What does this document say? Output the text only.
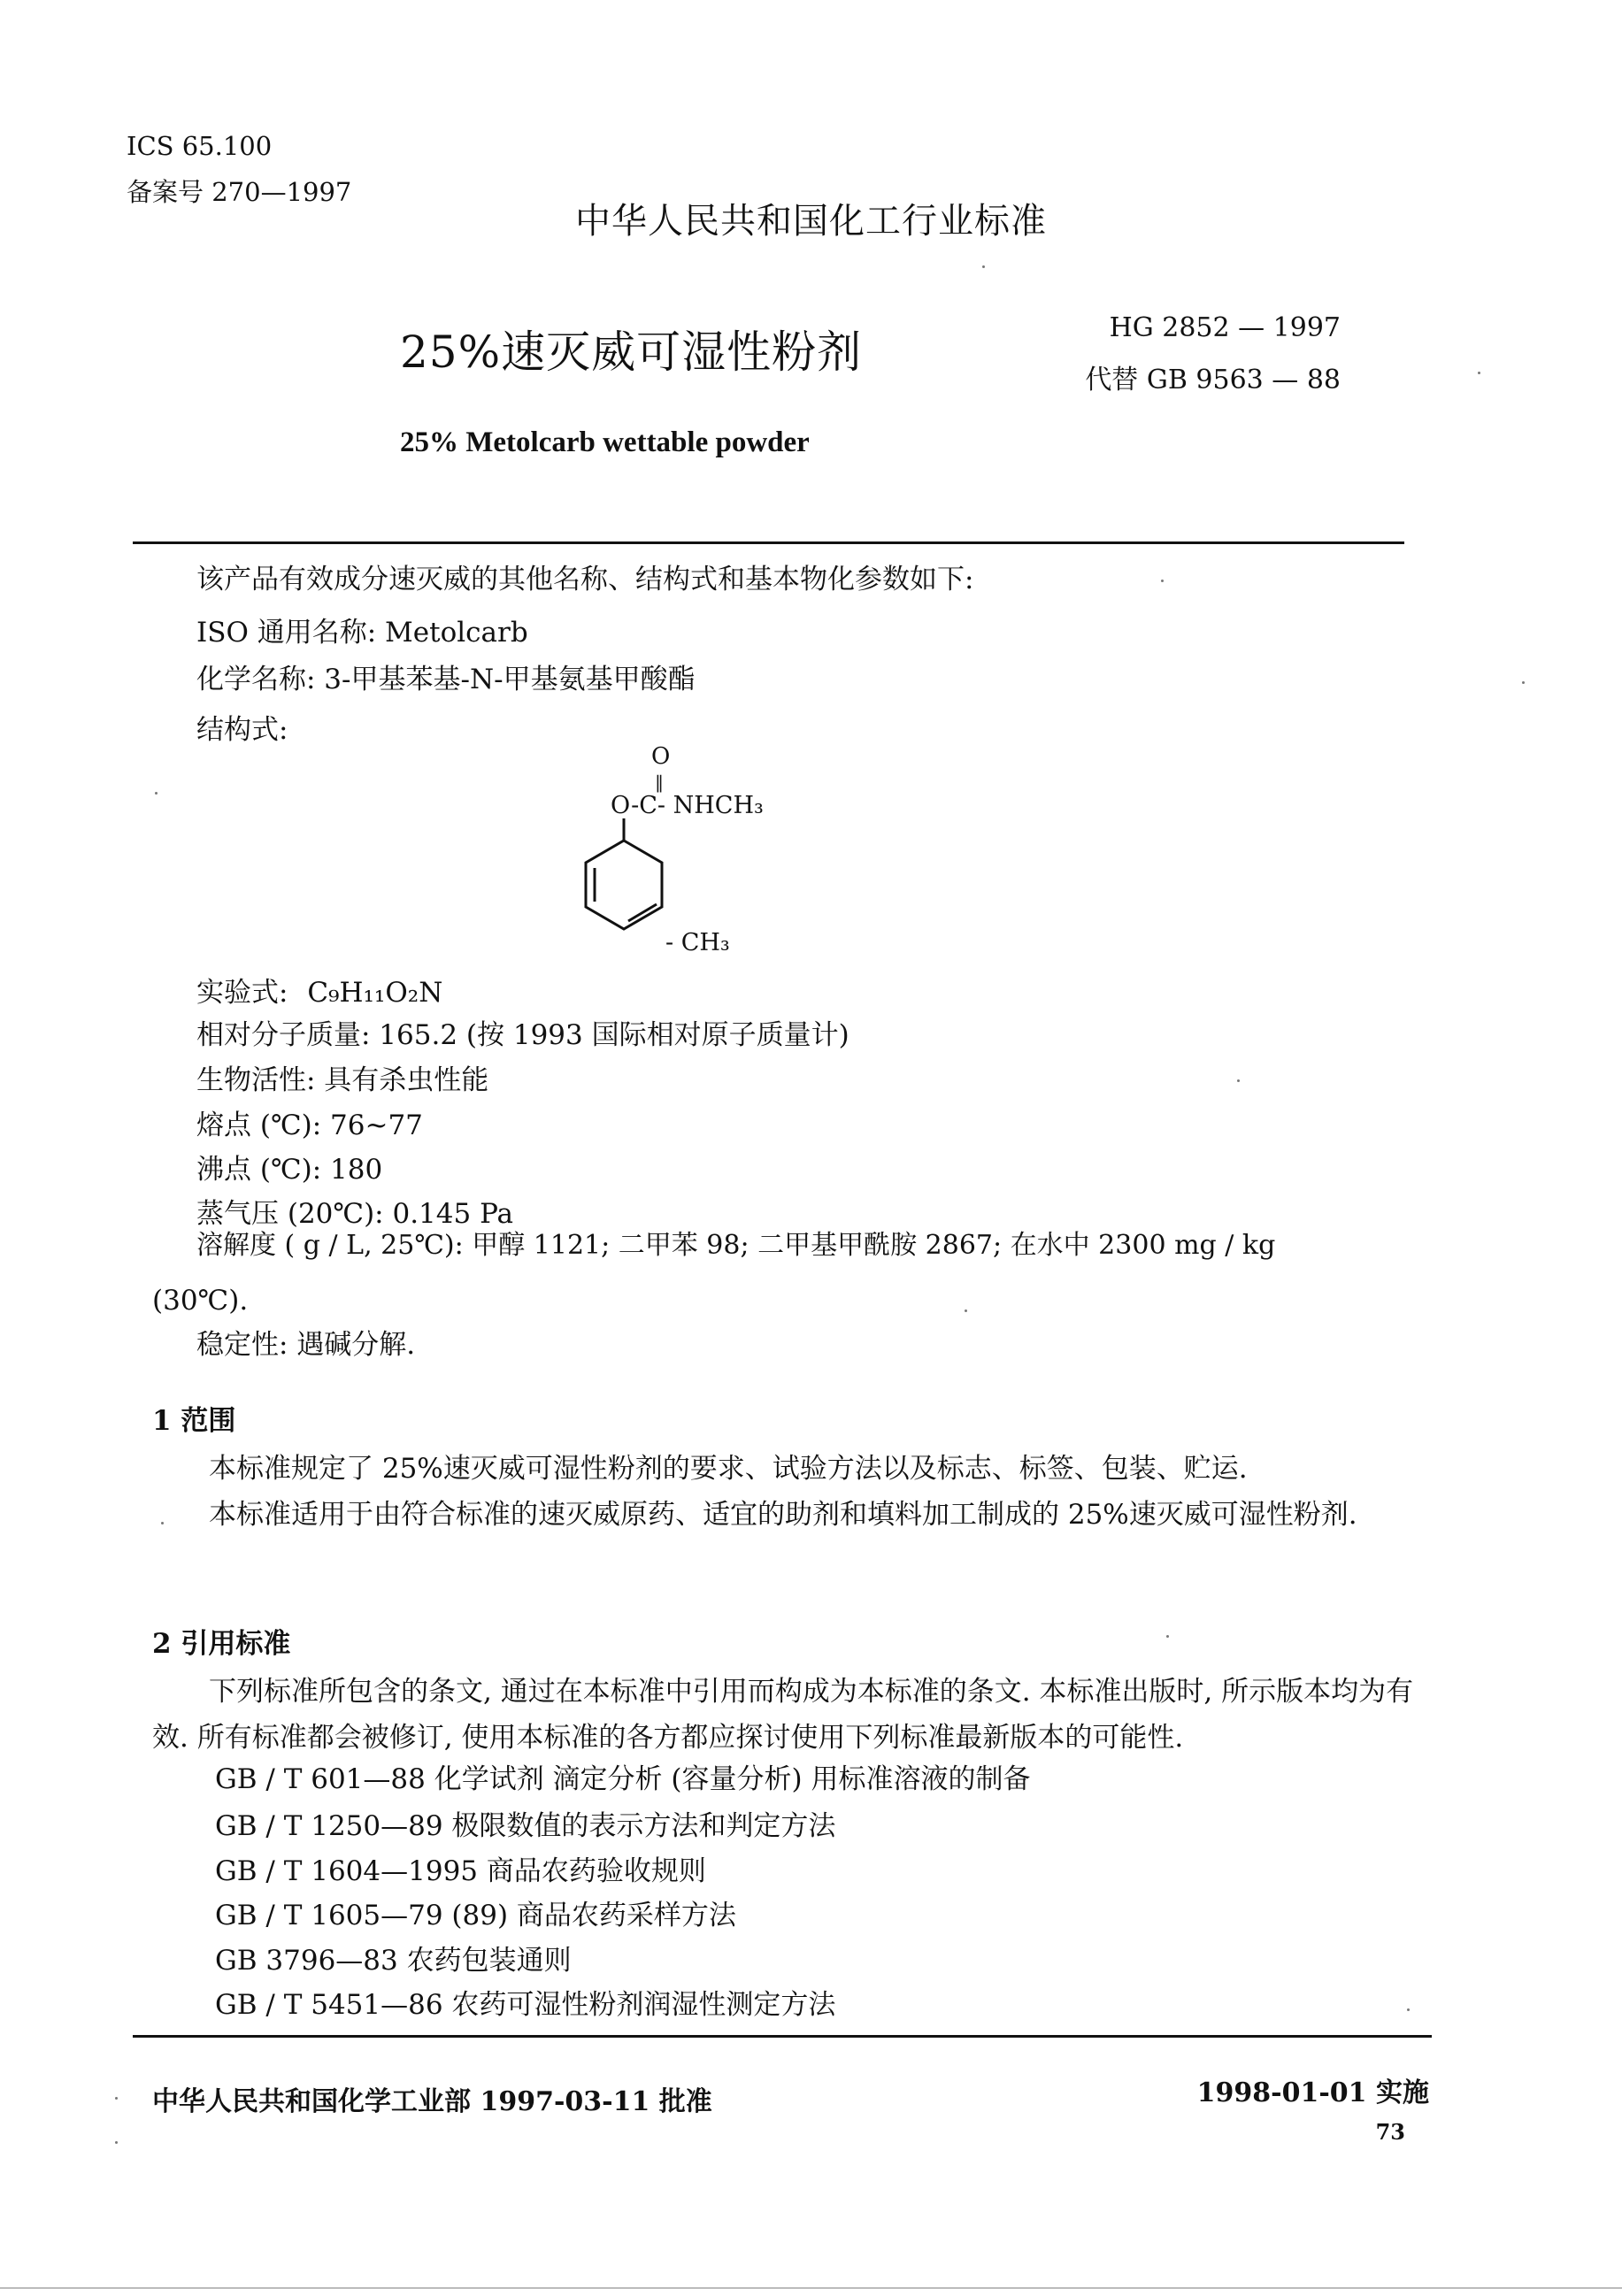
ICS 65.100
备案号 270—1997
中华人民共和国化工行业标准
25%速灭威可湿性粉剂	HG 2852 — 1997
代替 GB 9563 — 88
25% Metolcarb wettable powder
该产品有效成分速灭威的其他名称、结构式和基本物化参数如下:
ISO 通用名称: Metolcarb
化学名称: 3-甲基苯基-N-甲基氨基甲酸酯
结构式:
O
‖
O-C- NHCH₃
- CH₃
实验式: C₉H₁₁O₂N
相对分子质量: 165.2 (按 1993 国际相对原子质量计)
生物活性: 具有杀虫性能
熔点 (℃): 76~77
沸点 (℃): 180
蒸气压 (20℃): 0.145 Pa
溶解度 ( g / L, 25℃): 甲醇 1121; 二甲苯 98; 二甲基甲酰胺 2867; 在水中 2300 mg / kg
(30℃).
稳定性: 遇碱分解.
1 范围
本标准规定了 25%速灭威可湿性粉剂的要求、试验方法以及标志、标签、包装、贮运.
本标准适用于由符合标准的速灭威原药、适宜的助剂和填料加工制成的 25%速灭威可湿性粉剂.
2 引用标准
下列标准所包含的条文, 通过在本标准中引用而构成为本标准的条文. 本标准出版时, 所示版本均为有效. 所有标准都会被修订, 使用本标准的各方都应探讨使用下列标准最新版本的可能性.
GB / T 601—88 化学试剂 滴定分析 (容量分析) 用标准溶液的制备
GB / T 1250—89 极限数值的表示方法和判定方法
GB / T 1604—1995 商品农药验收规则
GB / T 1605—79 (89) 商品农药采样方法
GB 3796—83 农药包装通则
GB / T 5451—86 农药可湿性粉剂润湿性测定方法
中华人民共和国化学工业部 1997-03-11 批准	1998-01-01 实施
73
